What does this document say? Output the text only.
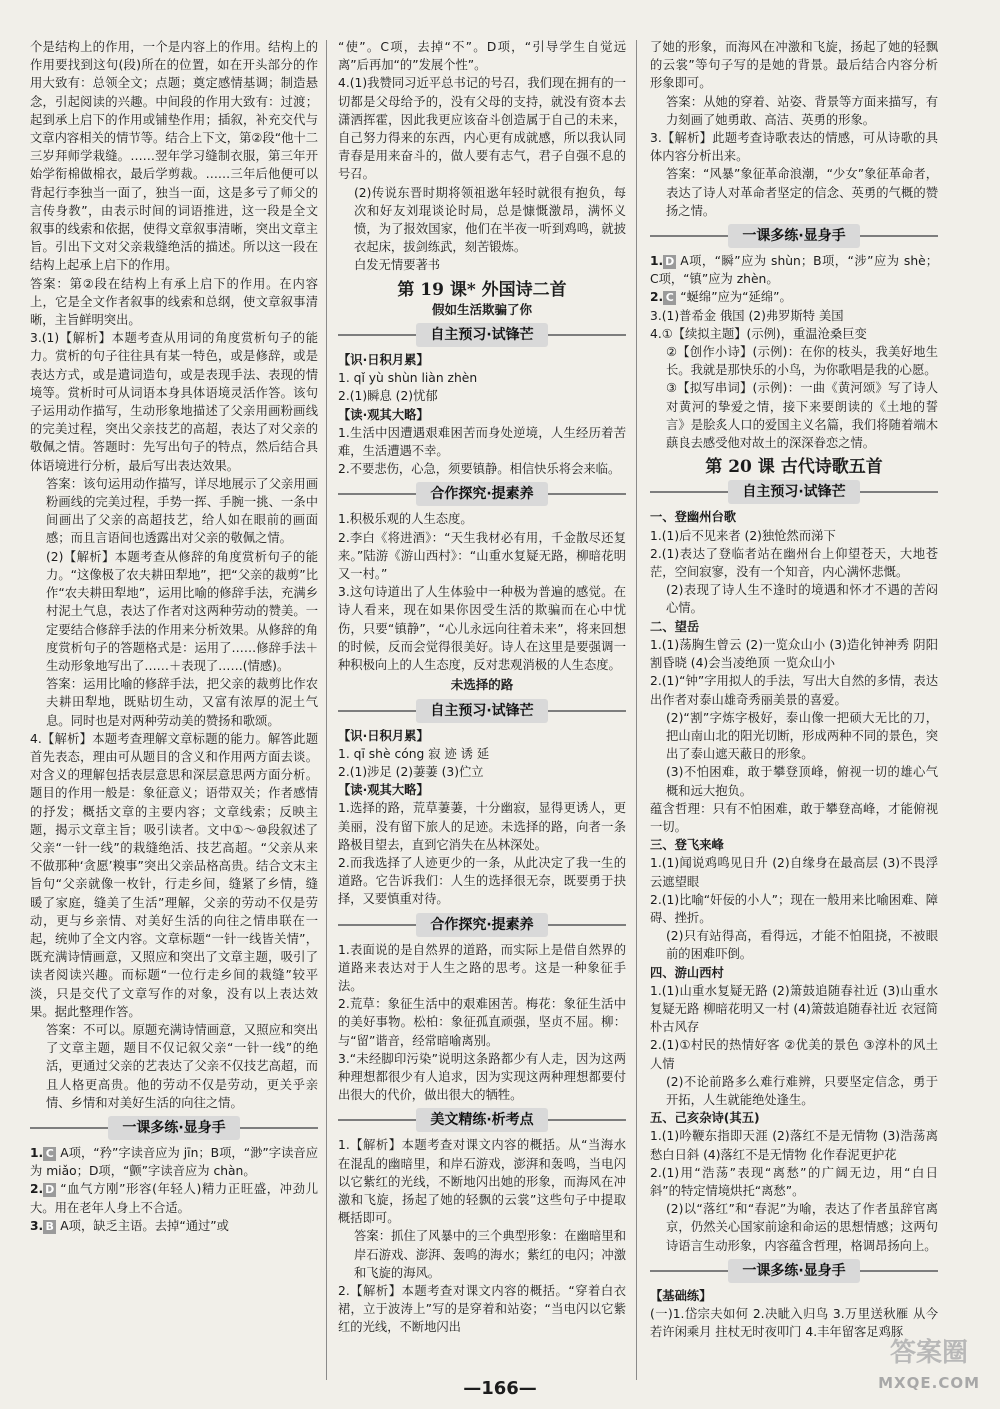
个是结构上的作用，一个是内容上的作用。结构上的作用要找到这句(段)所在的位置，如在开头部分的作用大致有：总领全文；点题；奠定感情基调；制造悬念，引起阅读的兴趣。中间段的作用大致有：过渡；起到承上启下的作用或铺垫作用；插叙，补充交代与文章内容相关的情节等。结合上下文，第②段“他十二三岁拜师学栽缝。……翌年学习缝制衣服，第三年开始学衔棉做棉衣，最后学剪裁。……三年后他便可以背起行李独当一面了，独当一面，这是多亏了师父的言传身教”，由表示时间的词语推进，这一段是全文叙事的线索和依据，使得文章叙事清晰，突出文章主旨。引出下文对父亲栽缝绝活的描述。所以这一段在结构上起承上启下的作用。

答案：第②段在结构上有承上启下的作用。在内容上，它是全文作者叙事的线索和总纲，使文章叙事清晰，主旨鲜明突出。

3.(1)【解析】本题考查从用词的角度赏析句子的能力。赏析的句子往往具有某一特色，或是修辞，或是表达方式，或是遣词造句，或是表现手法、表现的情境等。赏析时可从词语本身具体语境灵活作答。该句子运用动作描写，生动形象地描述了父亲用画粉画线的完美过程，突出父亲技艺的高超，表达了对父亲的敬佩之情。答题时：先写出句子的特点，然后结合具体语境进行分析，最后写出表达效果。

答案：该句运用动作描写，详尽地展示了父亲用画粉画线的完美过程，手势一挥、手腕一挑、一条中间画出了父亲的高超技艺，给人如在眼前的画面感；而且言语间也透露出对父亲的敬佩之情。

(2)【解析】本题考查从修辞的角度赏析句子的能力。“这像极了农夫耕田犁地”，把“父亲的裁剪”比作“农夫耕田犁地”，运用比喻的修辞手法，充满乡村泥土气息，表达了作者对这两种劳动的赞美。一定要结合修辞手法的作用来分析效果。从修辞的角度赏析句子的答题格式是：运用了……修辞手法＋生动形象地写出了……＋表现了……(情感)。

答案：运用比喻的修辞手法，把父亲的裁剪比作农夫耕田犁地，既贴切生动，又富有浓厚的泥土气息。同时也是对两种劳动美的赞扬和歌颂。

4.【解析】本题考查理解文章标题的能力。解答此题首先表态，理由可从题目的含义和作用两方面去谈。对含义的理解包括表层意思和深层意思两方面分析。题目的作用一般是：象征意义；语带双关；作者感情的抒发；概括文章的主要内容；文章线索；反映主题，揭示文章主旨；吸引读者。文中①～⑩段叙述了父亲“一针一线”的栽缝绝活、技艺高超。“父亲从来不做那种‘贪愿’糗事”突出父亲品格高贵。结合文末主旨句“父亲就像一枚针，行走乡间，缝紧了乡情，缝暖了家庭，缝美了生活”理解，父亲的劳动不仅是劳动，更与乡亲情、对美好生活的向往之情串联在一起，统帅了全文内容。文章标题“一针一线皆关情”，既充满诗情画意，又照应和突出了文章主题，吸引了读者阅读兴趣。而标题“一位行走乡间的栽缝”较平淡，只是交代了文章写作的对象，没有以上表达效果。据此整理作答。

答案：不可以。原题充满诗情画意，又照应和突出了文章主题，题目不仅记叙父亲“一针一线”的绝活，更通过父亲的艺表达了父亲不仅技艺高超，而且人格更高贵。他的劳动不仅是劳动，更关乎亲情、乡情和对美好生活的向往之情。

一课多练·显身手

1. C A项，“矜”字读音应为 jīn；B项，“渺”字读音应为 miǎo；D项，“颤”字读音应为 chàn。

2. D “血气方刚”形容(年轻人)精力正旺盛，冲劲儿大。用在老年人身上不合适。

3. B A项，缺乏主语。去掉“通过”或

“使”。C项，去掉“不”。D项，“引导学生自觉远离”后再加“的”发展个性”。

4.(1)我赞同习近平总书记的号召，我们现在拥有的一切都是父母给予的，没有父母的支持，就没有资本去潇洒挥霍，因此我更应该奋斗创造属于自己的未来，自己努力得来的东西，内心更有成就感，所以我认同青春是用来奋斗的，做人要有志气，君子自强不息的号召。

(2)传说东晋时期将领祖逖年轻时就很有抱负，每次和好友刘琨谈论时局，总是慷慨激昂，满怀义愤，为了报效国家，他们在半夜一听到鸡鸣，就披衣起床，拔剑练武，刻苦锻炼。

白发无情要著书

第 19 课* 外国诗二首
假如生活欺骗了你
自主预习·试锋芒

【识·日积月累】

1. qǐ yù shùn liàn zhèn

2.(1)瞬息 (2)忧郁

【读·观其大略】

1.生活中因遭遇艰难困苦而身处逆境，人生经历着苦难，生活遭遇不幸。

2.不要悲伤，心急，须要镇静。相信快乐将会来临。

合作探究·提素养

1.积极乐观的人生态度。

2.李白《将进酒》：“天生我材必有用，千金散尽还复来。”陆游《游山西村》：“山重水复疑无路，柳暗花明又一村。”

3.这句诗道出了人生体验中一种极为普遍的感觉。在诗人看来，现在如果你因受生活的欺骗而在心中忧伤，只要“镇静”，“心儿永远向往着未来”，将来回想的时候，反而会觉得很美好。诗人在这里是要强调一种积极向上的人生态度，反对悲观消极的人生态度。

未选择的路
自主预习·试锋芒

【识·日积月累】

1. qī shè cóng 寂 迹 诱 延

2.(1)涉足 (2)萋萋 (3)伫立

【读·观其大略】

1.选择的路，荒草萋萋，十分幽寂，显得更诱人，更美丽，没有留下旅人的足迹。未选择的路，向者一条路极目望去，直到它消失在丛林深处。

2.而我选择了人迹更少的一条，从此决定了我一生的道路。它告诉我们：人生的选择很无奈，既要勇于抉择，又要慎重对待。

合作探究·提素养

1.表面说的是自然界的道路，而实际上是借自然界的道路来表达对于人生之路的思考。这是一种象征手法。

2.荒草：象征生活中的艰难困苦。梅花：象征生活中的美好事物。松柏：象征孤直顽强，坚贞不屈。柳：与“留”谐音，经常暗喻离别。

3.“未经脚印污染”说明这条路都少有人走，因为这两种理想都很少有人追求，因为实现这两种理想都要付出很大的代价，做出很大的牺牲。

美文精练·析考点

1.【解析】本题考查对课文内容的概括。从“当海水在混乱的幽暗里，和岸石游戏，澎湃和轰鸣，当电闪以它紫红的光线，不断地闪出她的形象，而海风在冲激和飞旋，扬起了她的轻飘的云裳”这些句子中提取概括即可。

答案：抓住了风暴中的三个典型形象：在幽暗里和岸石游戏、澎湃、轰鸣的海水；紫红的电闪；冲激和飞旋的海风。

2.【解析】本题考查对课文内容的概括。“穿着白衣裙，立于波涛上”写的是穿着和站姿；“当电闪以它紫红的光线，不断地闪出

了她的形象，而海风在冲激和飞旋，扬起了她的轻飘的云裳”等句子写的是她的背景。最后结合内容分析形象即可。

答案：从她的穿着、站姿、背景等方面来描写，有力刻画了她勇敢、高洁、英勇的形象。

3.【解析】此题考查诗歌表达的情感，可从诗歌的具体内容分析出来。

答案：“风暴”象征革命浪潮，“少女”象征革命者，表达了诗人对革命者坚定的信念、英勇的气概的赞扬之情。

一课多练·显身手

1. D A项，“瞬”应为 shùn；B项，“涉”应为 shè；C项，“镇”应为 zhèn。

2. C “蜒绵”应为“延绵”。

3.(1)普希金 俄国 (2)弗罗斯特 美国

4.①【续拟主题】(示例)，重温沧桑巨变

②【创作小诗】(示例)：在你的枝头，我美好地生长。我就是那快乐的小鸟，为你歌唱是我的心愿。

③【拟写串词】(示例)：一曲《黄河颂》写了诗人对黄河的挚爱之情，接下来要朗读的《土地的誓言》是脍炙人口的爱国主义名篇，我们将随着端木蕻良去感受他对故土的深深眷恋之情。

第 20 课 古代诗歌五首
自主预习·试锋芒

一、登幽州台歌

1.(1)后不见来者 (2)独怆然而涕下

2.(1)表达了登临者站在幽州台上仰望苍天，大地苍茫，空间寂寥，没有一个知音，内心满怀悲慨。

(2)表现了诗人生不逢时的境遇和怀才不遇的苦闷心情。

二、望岳

1.(1)荡胸生曾云 (2)一览众山小 (3)造化钟神秀 阴阳割昏晓 (4)会当凌绝顶 一览众山小

2.(1)“钟”字用拟人的手法，写出大自然的多情，表达出作者对泰山雄奇秀丽美景的喜爱。

(2)“割”字炼字极好，泰山像一把硕大无比的刀，把山南山北的阳光切断，形成两种不同的景色，突出了泰山遮天蔽日的形象。

(3)不怕困难，敢于攀登顶峰，俯视一切的雄心气概和远大抱负。

蕴含哲理：只有不怕困难，敢于攀登高峰，才能俯视一切。

三、登飞来峰

1.(1)闻说鸡鸣见日升 (2)自缘身在最高层 (3)不畏浮云遮望眼

2.(1)比喻“奸佞的小人”；现在一般用来比喻困难、障碍、挫折。

(2)只有站得高，看得远，才能不怕阻挠，不被眼前的困难吓倒。

四、游山西村

1.(1)山重水复疑无路 (2)箫鼓追随春社近 (3)山重水复疑无路 柳暗花明又一村 (4)箫鼓追随春社近 衣冠简朴古风存

2.(1)①村民的热情好客 ②优美的景色 ③淳朴的风土人情

(2)不论前路多么难行难辨，只要坚定信念，勇于开拓，人生就能绝处逢生。

五、己亥杂诗(其五)

1.(1)吟鞭东指即天涯 (2)落红不是无情物 (3)浩荡离愁白日斜 (4)落红不是无情物 化作春泥更护花

2.(1)用“浩荡”表现“离愁”的广阔无边，用“白日斜”的特定情境烘托“离愁”。

(2)以“落红”和“春泥”为喻，表达了作者虽辞官离京，仍然关心国家前途和命运的思想情感；这两句诗语言生动形象，内容蕴含哲理，格调昂扬向上。

一课多练·显身手

【基础练】

(一)1.岱宗夫如何 2.决眦入归鸟 3.万里送秋雁 从今若许闲乘月 拄杖无时夜叩门 4.丰年留客足鸡豚

—166—
答案圈
MXQE.COM
